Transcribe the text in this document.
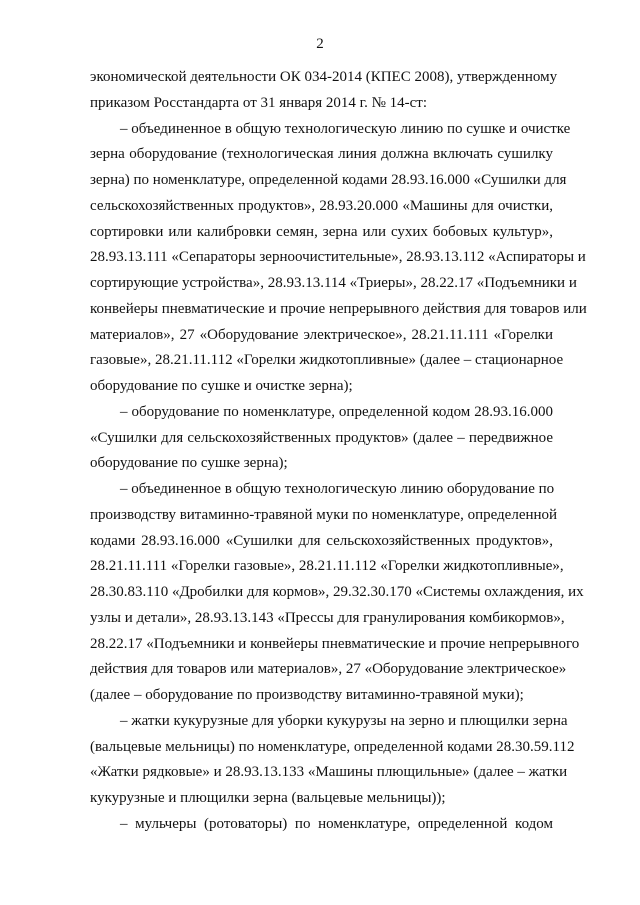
2
экономической деятельности ОК 034-2014 (КПЕС 2008), утвержденному
приказом Росстандарта от 31 января 2014 г. № 14-ст:
– объединенное в общую технологическую линию по сушке и очистке
зерна оборудование (технологическая линия должна включать сушилку
зерна) по номенклатуре, определенной кодами 28.93.16.000 «Сушилки для
сельскохозяйственных продуктов», 28.93.20.000 «Машины для очистки,
сортировки или калибровки семян, зерна или сухих бобовых культур»,
28.93.13.111 «Сепараторы зерноочистительные», 28.93.13.112 «Аспираторы и
сортирующие устройства», 28.93.13.114 «Триеры», 28.22.17 «Подъемники и
конвейеры пневматические и прочие непрерывного действия для товаров или
материалов», 27 «Оборудование электрическое», 28.21.11.111 «Горелки
газовые», 28.21.11.112 «Горелки жидкотопливные» (далее – стационарное
оборудование по сушке и очистке зерна);
– оборудование по номенклатуре, определенной кодом 28.93.16.000
«Сушилки для сельскохозяйственных продуктов» (далее – передвижное
оборудование по сушке зерна);
– объединенное в общую технологическую линию оборудование по
производству витаминно-травяной муки по номенклатуре, определенной
кодами 28.93.16.000 «Сушилки для сельскохозяйственных продуктов»,
28.21.11.111 «Горелки газовые», 28.21.11.112 «Горелки жидкотопливные»,
28.30.83.110 «Дробилки для кормов», 29.32.30.170 «Системы охлаждения, их
узлы и детали», 28.93.13.143 «Прессы для гранулирования комбикормов»,
28.22.17 «Подъемники и конвейеры пневматические и прочие непрерывного
действия для товаров или материалов», 27 «Оборудование электрическое»
(далее – оборудование по производству витаминно-травяной муки);
– жатки кукурузные для уборки кукурузы на зерно и плющилки зерна
(вальцевые мельницы) по номенклатуре, определенной кодами 28.30.59.112
«Жатки рядковые» и 28.93.13.133 «Машины плющильные» (далее – жатки
кукурузные и плющилки зерна (вальцевые мельницы));
– мульчеры (ротоваторы) по номенклатуре, определенной кодом
